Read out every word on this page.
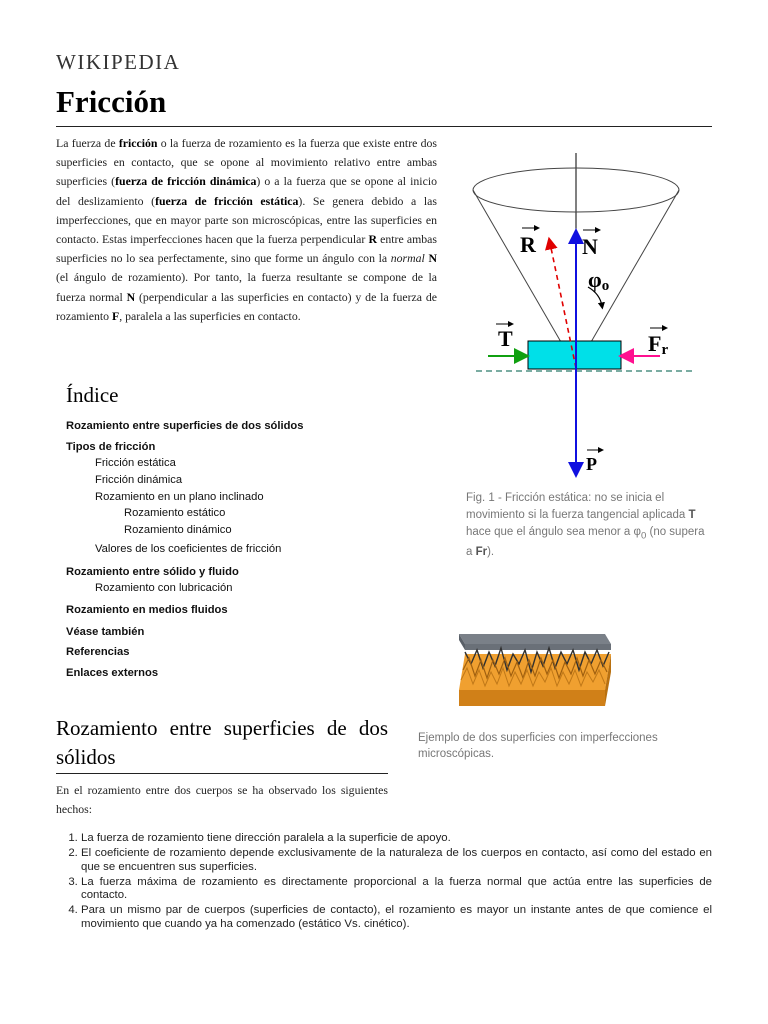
WIKIPEDIA
Fricción
La fuerza de fricción o la fuerza de rozamiento es la fuerza que existe entre dos superficies en contacto, que se opone al movimiento relativo entre ambas superficies (fuerza de fricción dinámica) o a la fuerza que se opone al inicio del deslizamiento (fuerza de fricción estática). Se genera debido a las imperfecciones, que en mayor parte son microscópicas, entre las superficies en contacto. Estas imperfecciones hacen que la fuerza perpendicular R entre ambas superficies no lo sea perfectamente, sino que forme un ángulo con la normal N (el ángulo de rozamiento). Por tanto, la fuerza resultante se compone de la fuerza normal N (perpendicular a las superficies en contacto) y de la fuerza de rozamiento F, paralela a las superficies en contacto.
R N
φo
T	Fr
P
Fig. 1 - Fricción estática: no se inicia el movimiento si la fuerza tangencial aplicada T hace que el ángulo sea menor a $\varphi_0$ (no supera a Fr).
Índice
Rozamiento entre superficies de dos sólidos
Tipos de fricción
Fricción estática
Fricción dinámica
Rozamiento en un plano inclinado
Rozamiento estático
Rozamiento dinámico
Valores de los coeficientes de fricción
Rozamiento entre sólido y fluido
Rozamiento con lubricación
Rozamiento en medios fluidos
Véase también
Referencias
Enlaces externos
Ejemplo de dos superficies con imperfecciones microscópicas.
Rozamiento entre superficies de dos sólidos
En el rozamiento entre dos cuerpos se ha observado los siguientes hechos:
1. La fuerza de rozamiento tiene dirección paralela a la superficie de apoyo.
2. El coeficiente de rozamiento depende exclusivamente de la naturaleza de los cuerpos en contacto, así como del estado en que se encuentren sus superficies.
3. La fuerza máxima de rozamiento es directamente proporcional a la fuerza normal que actúa entre las superficies de contacto.
4. Para un mismo par de cuerpos (superficies de contacto), el rozamiento es mayor un instante antes de que comience el movimiento que cuando ya ha comenzado (estático Vs. cinético).
